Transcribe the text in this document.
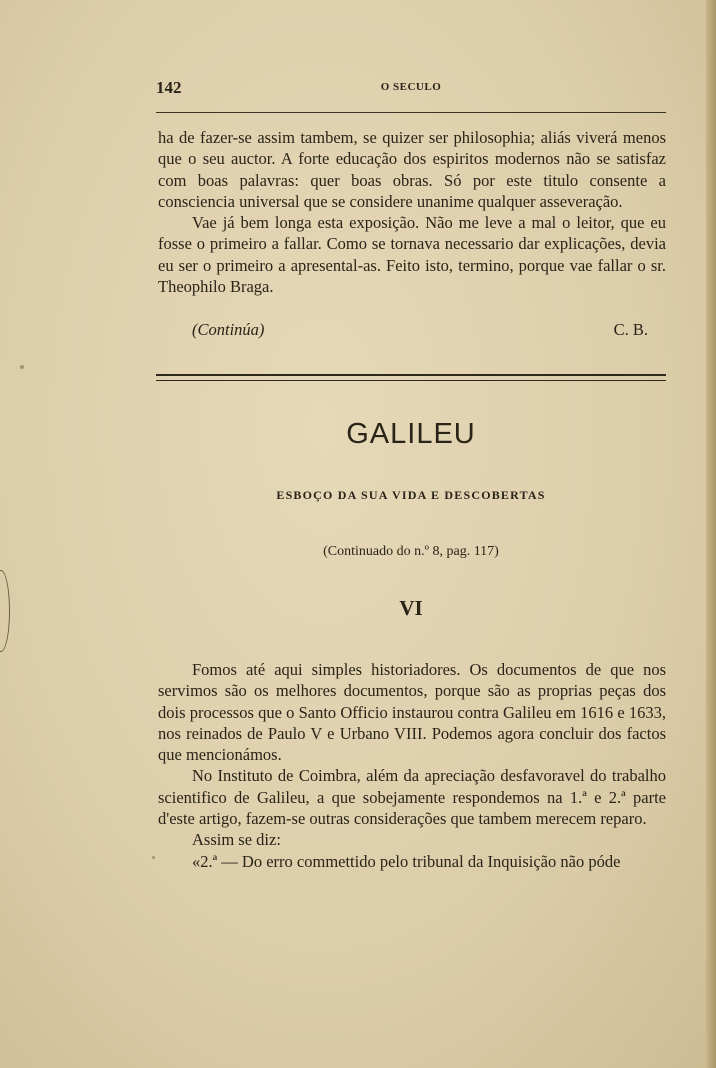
142	O SECULO

ha de fazer-se assim tambem, se quizer ser philosophia; aliás viverá menos que o seu auctor. A forte educação dos espiritos modernos não se satisfaz com boas palavras: quer boas obras. Só por este titulo consente a consciencia universal que se considere unanime qualquer asseveração.

Vae já bem longa esta exposição. Não me leve a mal o leitor, que eu fosse o primeiro a fallar. Como se tornava necessario dar explicações, devia eu ser o primeiro a apresental-as. Feito isto, termino, porque vae fallar o sr. Theophilo Braga.

(Continúa)	C. B.
GALILEU
ESBOÇO DA SUA VIDA E DESCOBERTAS
(Continuado do n.º 8, pag. 117)
VI

Fomos até aqui simples historiadores. Os documentos de que nos servimos são os melhores documentos, porque são as proprias peças dos dois processos que o Santo Officio instaurou contra Galileu em 1616 e 1633, nos reinados de Paulo V e Urbano VIII. Podemos agora concluir dos factos que mencionámos.

No Instituto de Coimbra, além da apreciação desfavoravel do trabalho scientifico de Galileu, a que sobejamente respondemos na 1.ª e 2.ª parte d'este artigo, fazem-se outras considerações que tambem merecem reparo.

Assim se diz:

«2.ª — Do erro commettido pelo tribunal da Inquisição não póde
